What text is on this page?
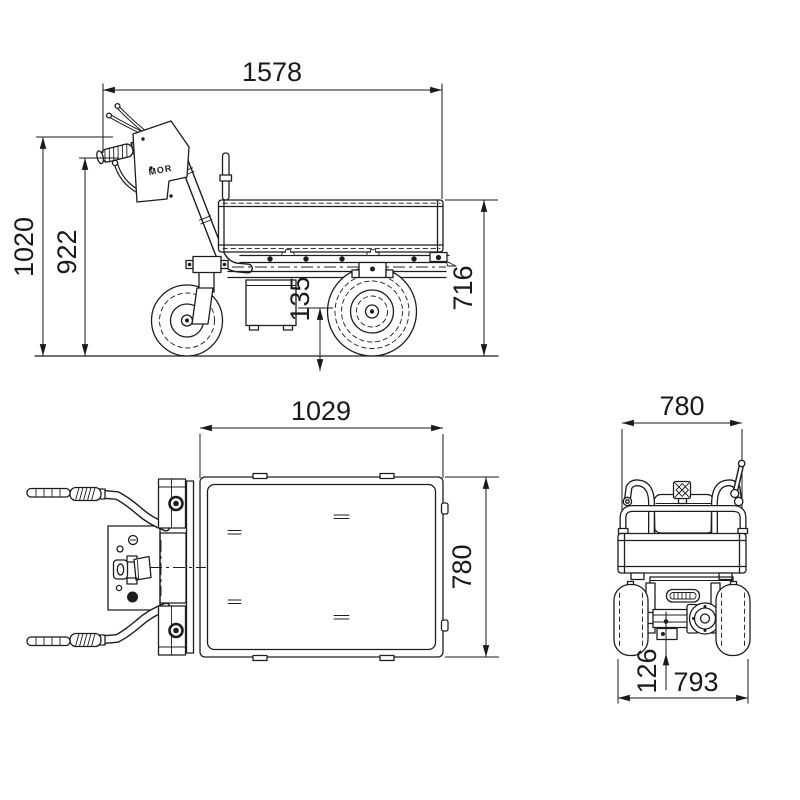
MOR
1578
1020 922
716
135
1029
780
780
126 793
